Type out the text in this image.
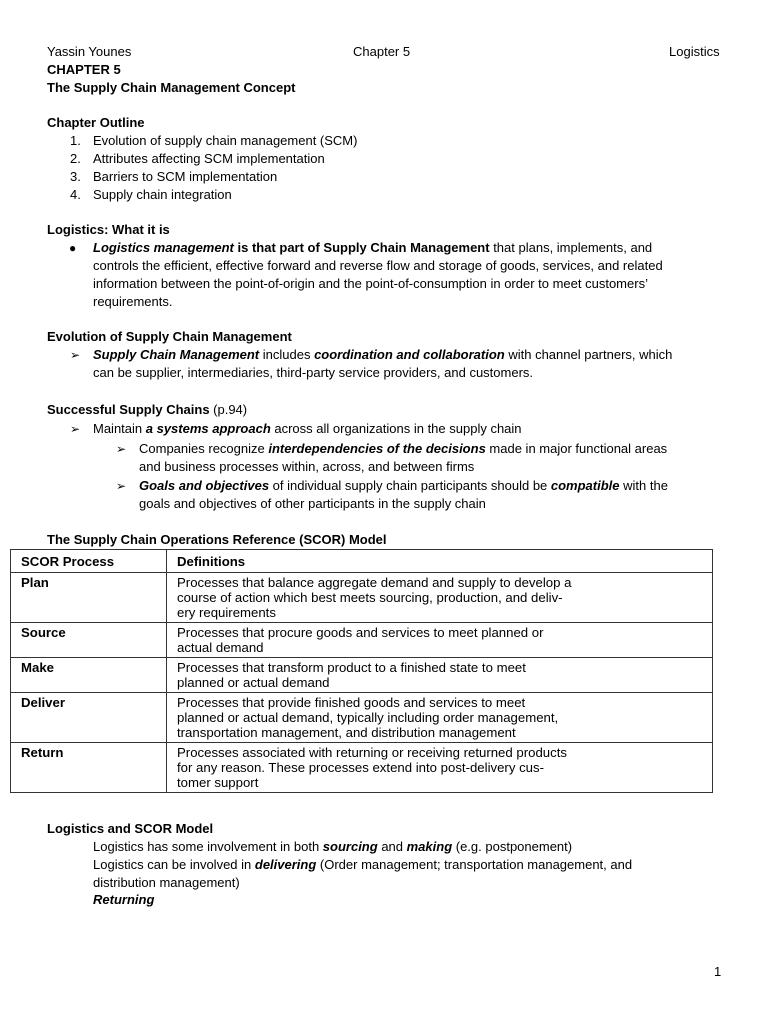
Yassin Younes	Chapter 5	Logistics
CHAPTER 5
The Supply Chain Management Concept
Chapter Outline
1. Evolution of supply chain management (SCM)
2. Attributes affecting SCM implementation
3. Barriers to SCM implementation
4. Supply chain integration
Logistics: What it is
● Logistics management is that part of Supply Chain Management that plans, implements, and
controls the efficient, effective forward and reverse flow and storage of goods, services, and related
information between the point-of-origin and the point-of-consumption in order to meet customers’
requirements.
Evolution of Supply Chain Management
➢ Supply Chain Management includes coordination and collaboration with channel partners, which
can be supplier, intermediaries, third-party service providers, and customers.
Successful Supply Chains (p.94)
➢ Maintain a systems approach across all organizations in the supply chain
➢ Companies recognize interdependencies of the decisions made in major functional areas
and business processes within, across, and between firms
➢ Goals and objectives of individual supply chain participants should be compatible with the
goals and objectives of other participants in the supply chain
The Supply Chain Operations Reference (SCOR) Model
SCOR Process	Definitions
Plan	Processes that balance aggregate demand and supply to develop a
course of action which best meets sourcing, production, and deliv-
ery requirements

Source	Processes that procure goods and services to meet planned or
actual demand

Make	Processes that transform product to a finished state to meet
planned or actual demand

Deliver	Processes that provide finished goods and services to meet
planned or actual demand, typically including order management,
transportation management, and distribution management

Return	Processes associated with returning or receiving returned products
for any reason. These processes extend into post-delivery cus-
tomer support
Logistics and SCOR Model
Logistics has some involvement in both sourcing and making (e.g. postponement)
Logistics can be involved in delivering (Order management; transportation management, and
distribution management)
Returning
1
